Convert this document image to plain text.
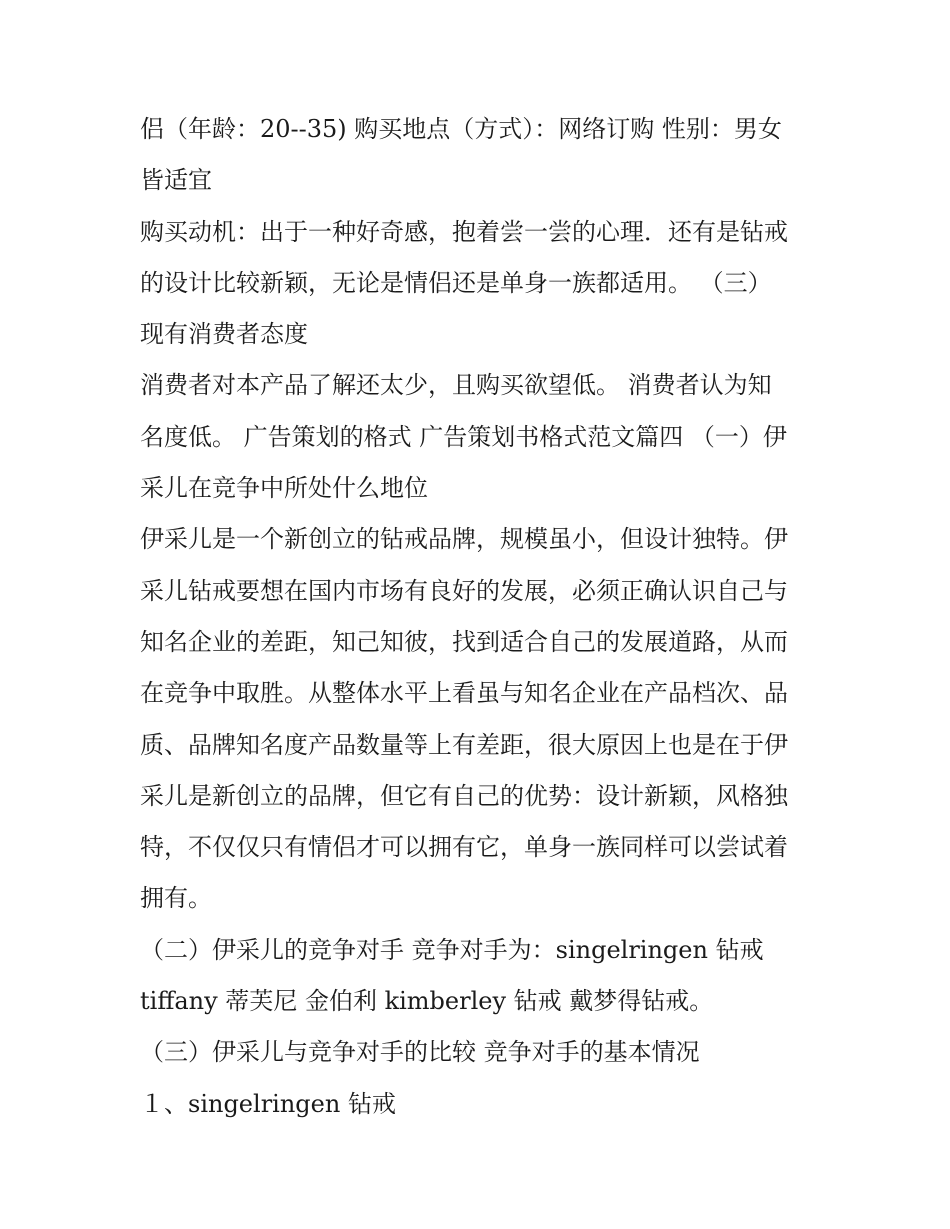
侣（年龄：20--35) 购买地点（方式）：网络订购 性别：男女
皆适宜
购买动机：出于一种好奇感，抱着尝一尝的心理．还有是钻戒
的设计比较新颖，无论是情侣还是单身一族都适用。 （三）
现有消费者态度
消费者对本产品了解还太少，且购买欲望低。 消费者认为知
名度低。 广告策划的格式 广告策划书格式范文篇四 （一）伊
采儿在竞争中所处什么地位
伊采儿是一个新创立的钻戒品牌，规模虽小，但设计独特。伊
采儿钻戒要想在国内市场有良好的发展，必须正确认识自己与
知名企业的差距，知己知彼，找到适合自己的发展道路，从而
在竞争中取胜。从整体水平上看虽与知名企业在产品档次、品
质、品牌知名度产品数量等上有差距，很大原因上也是在于伊
采儿是新创立的品牌，但它有自己的优势：设计新颖，风格独
特，不仅仅只有情侣才可以拥有它，单身一族同样可以尝试着
拥有。
（二）伊采儿的竞争对手 竞争对手为：singelringen 钻戒
tiffany 蒂芙尼 金伯利 kimberley 钻戒 戴梦得钻戒。
（三）伊采儿与竞争对手的比较 竞争对手的基本情况
１、singelringen 钻戒
